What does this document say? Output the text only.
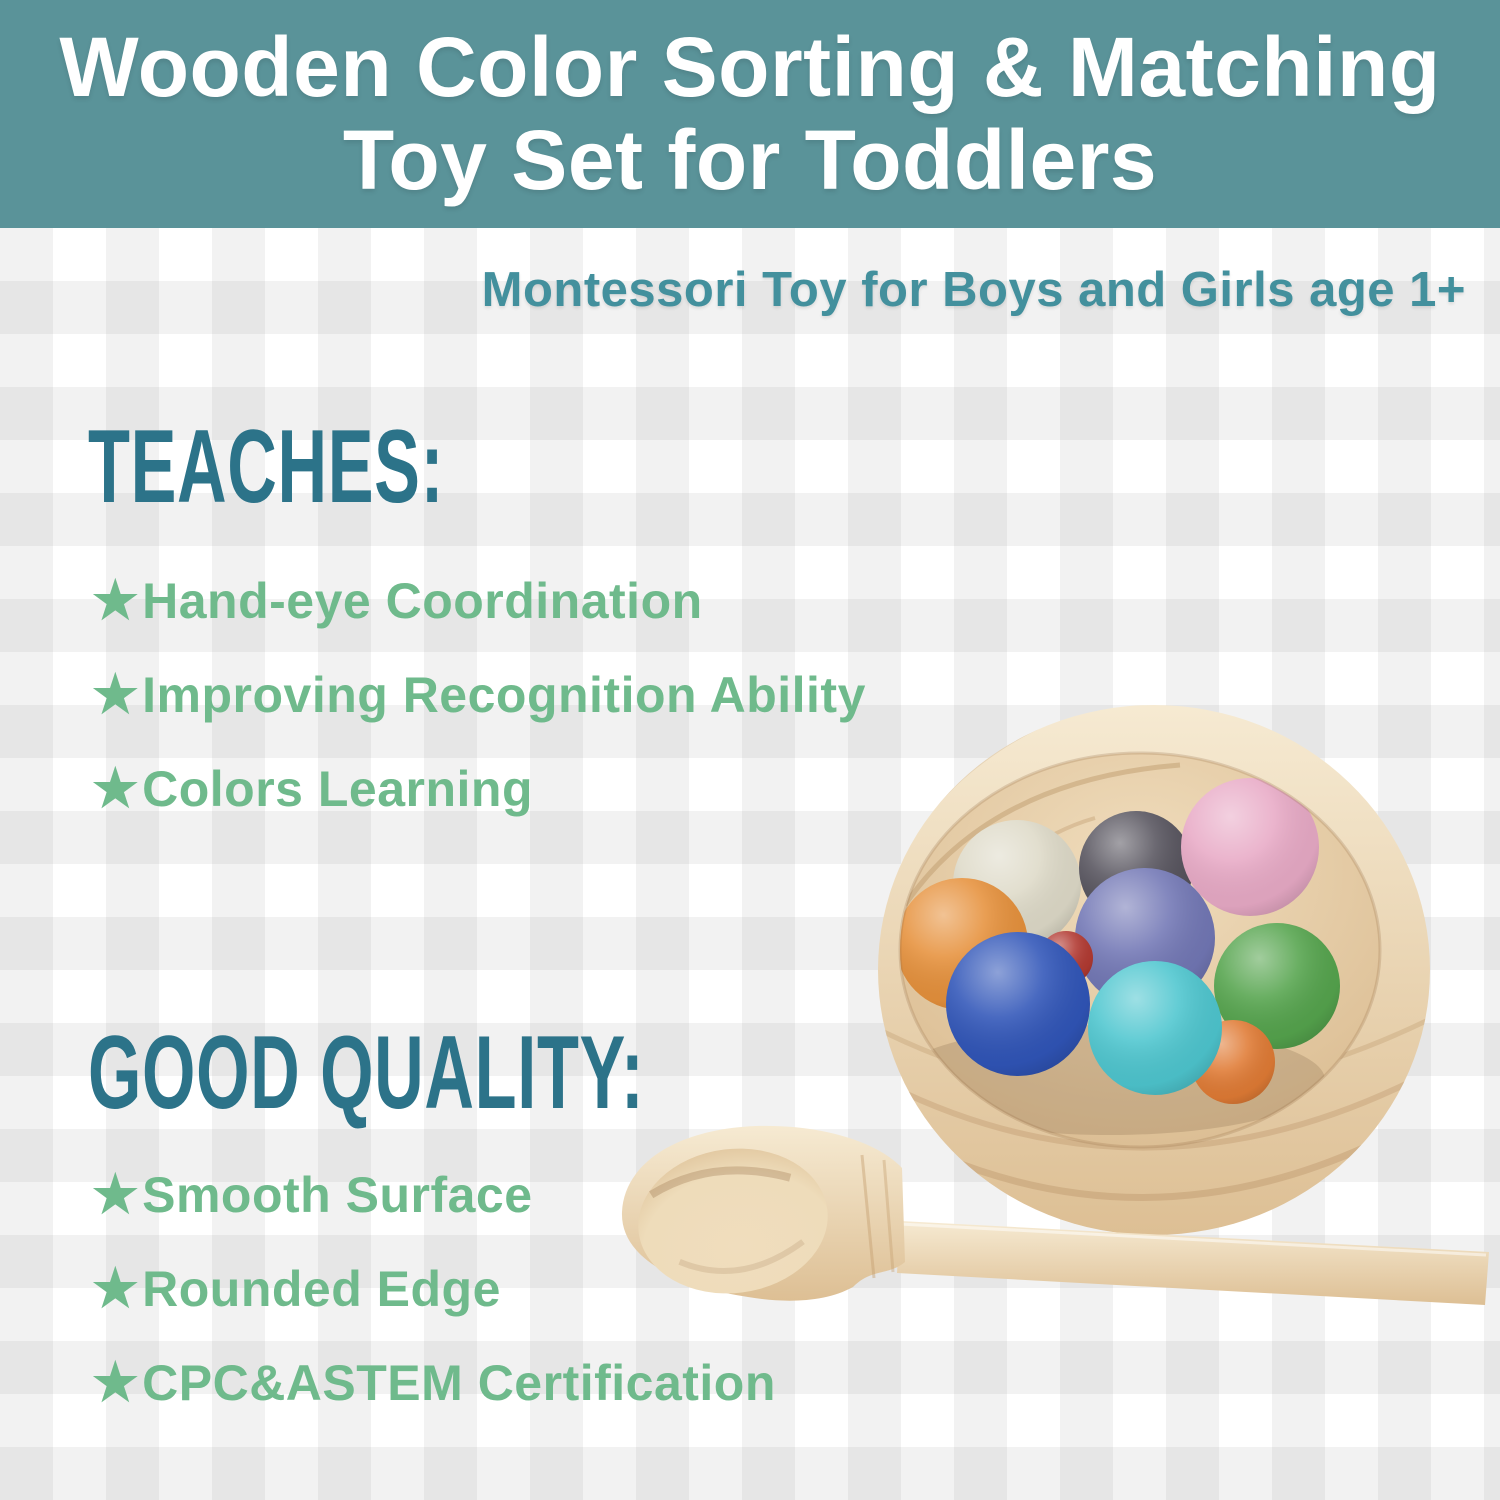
Wooden Color Sorting & Matching
Toy Set for Toddlers
Montessori Toy for Boys and Girls age 1+
TEACHES:
★ Hand-eye Coordination
★ Improving Recognition Ability
★ Colors Learning
GOOD QUALITY:
★ Smooth Surface
★ Rounded Edge
★ CPC&ASTEM Certification
